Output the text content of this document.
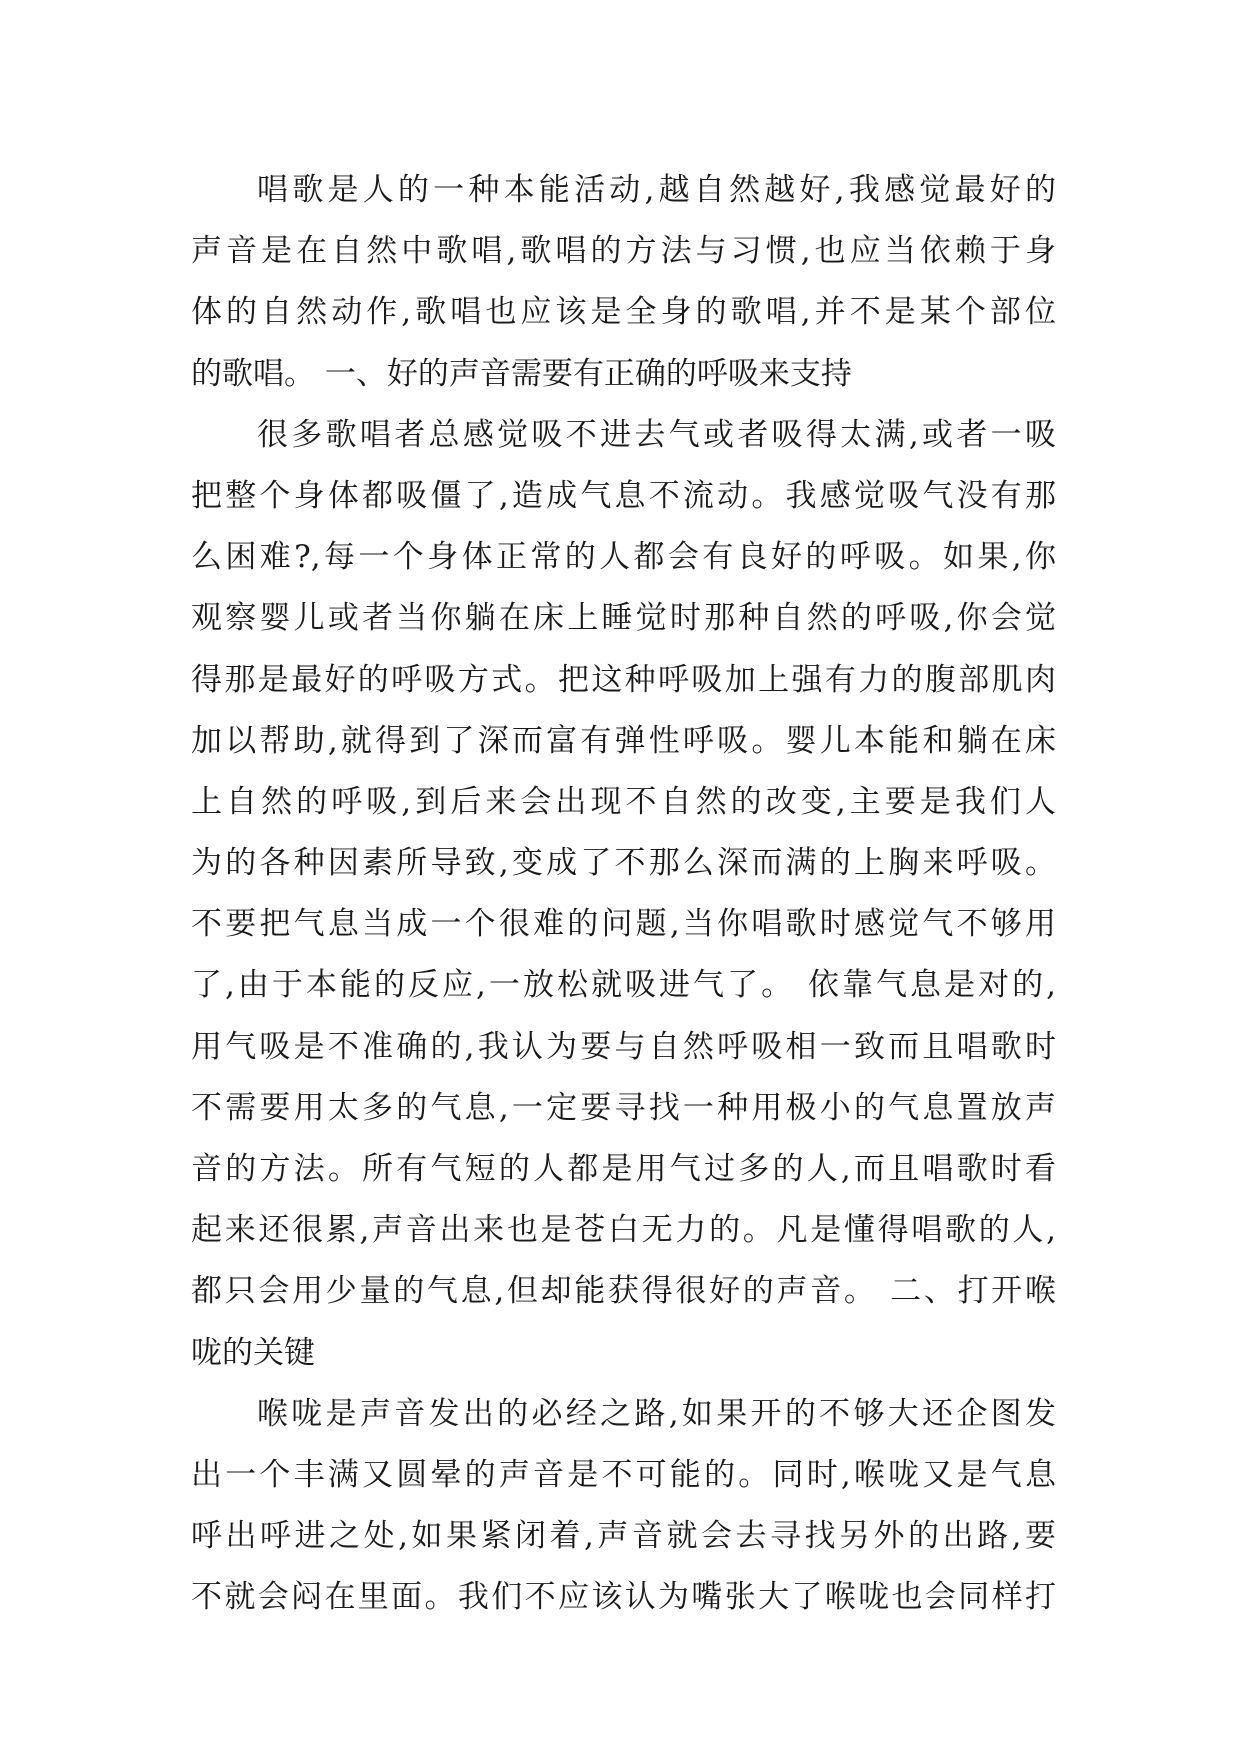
唱歌是人的一种本能活动,越自然越好,我感觉最好的
声音是在自然中歌唱,歌唱的方法与习惯,也应当依赖于身
体的自然动作,歌唱也应该是全身的歌唱,并不是某个部位
的歌唱。 一、好的声音需要有正确的呼吸来支持
很多歌唱者总感觉吸不进去气或者吸得太满,或者一吸
把整个身体都吸僵了,造成气息不流动。我感觉吸气没有那
么困难?,每一个身体正常的人都会有良好的呼吸。如果,你
观察婴儿或者当你躺在床上睡觉时那种自然的呼吸,你会觉
得那是最好的呼吸方式。把这种呼吸加上强有力的腹部肌肉
加以帮助,就得到了深而富有弹性呼吸。婴儿本能和躺在床
上自然的呼吸,到后来会出现不自然的改变,主要是我们人
为的各种因素所导致,变成了不那么深而满的上胸来呼吸。
不要把气息当成一个很难的问题,当你唱歌时感觉气不够用
了,由于本能的反应,一放松就吸进气了。 依靠气息是对的,
用气吸是不准确的,我认为要与自然呼吸相一致而且唱歌时
不需要用太多的气息,一定要寻找一种用极小的气息置放声
音的方法。所有气短的人都是用气过多的人,而且唱歌时看
起来还很累,声音出来也是苍白无力的。凡是懂得唱歌的人,
都只会用少量的气息,但却能获得很好的声音。 二、打开喉
咙的关键
喉咙是声音发出的必经之路,如果开的不够大还企图发
出一个丰满又圆晕的声音是不可能的。同时,喉咙又是气息
呼出呼进之处,如果紧闭着,声音就会去寻找另外的出路,要
不就会闷在里面。我们不应该认为嘴张大了喉咙也会同样打
